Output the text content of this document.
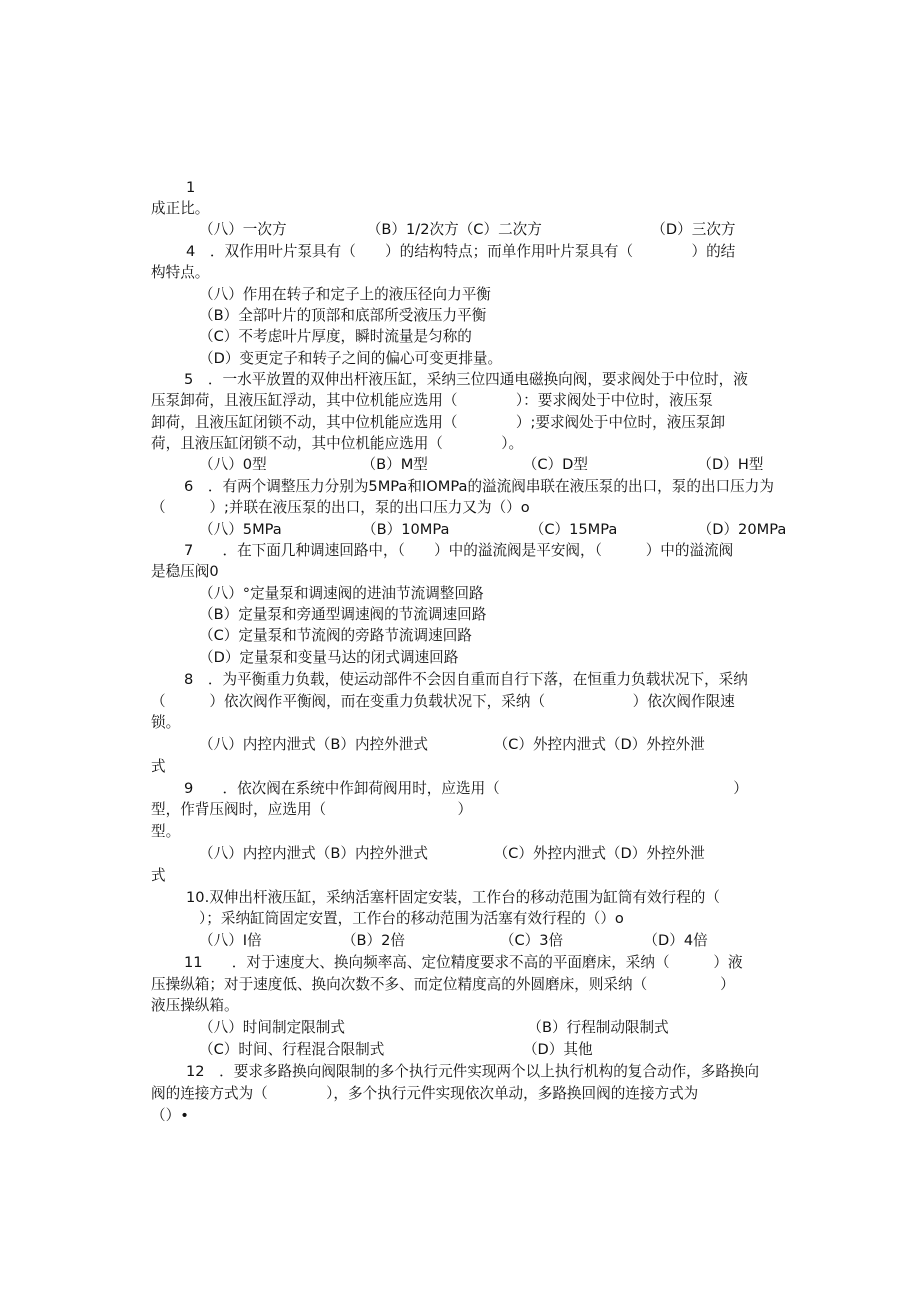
1
成正比。
（八）一次方　　　　　　（B）1/2次方（C）二次方　　　　　　　　（D）三次方
4　．双作用叶片泵具有（　　）的结构特点；而单作用叶片泵具有（　　　　）的结
构特点。
（八）作用在转子和定子上的液压径向力平衡
（B）全部叶片的顶部和底部所受液压力平衡
（C）不考虑叶片厚度，瞬时流量是匀称的
（D）变更定子和转子之间的偏心可变更排量。
5　．一水平放置的双伸出杆液压缸，采纳三位四通电磁换向阀，要求阀处于中位时，液
压泵卸荷，且液压缸浮动，其中位机能应选用（　　　　）：要求阀处于中位时，液压泵
卸荷，且液压缸闭锁不动，其中位机能应选用（　　　　）;要求阀处于中位时，液压泵卸
荷，且液压缸闭锁不动，其中位机能应选用（　　　　）。
（八）0型　　　　　　　（B）M型　　　　　　　（C）D型　　　　　　　　（D）H型
6　．有两个调整压力分别为5MPa和IOMPa的溢流阀串联在液压泵的出口，泵的出口压力为
（　　　）;并联在液压泵的出口，泵的出口压力又为（）o
（八）5MPa　　　　　　（B）10MPa　　　　　　（C）15MPa　　　　　　（D）20MPa
7　　．在下面几种调速回路中，（　　）中的溢流阀是平安阀，（　　　）中的溢流阀
是稳压阀0
（八）°定量泵和调速阀的进油节流调整回路
（B）定量泵和旁通型调速阀的节流调速回路
（C）定量泵和节流阀的旁路节流调速回路
（D）定量泵和变量马达的闭式调速回路
8　．为平衡重力负载，使运动部件不会因自重而自行下落，在恒重力负载状况下，采纳
（　　　）依次阀作平衡阀，而在变重力负载状况下，采纳（　　　　　　）依次阀作限速
锁。
（八）内控内泄式（B）内控外泄式　　　　　（C）外控内泄式（D）外控外泄
式
9　　．依次阀在系统中作卸荷阀用时，应选用（　　　　　　　　　　　　　　　　）
型，作背压阀时，应选用（　　　　　　　　　）
型。
（八）内控内泄式（B）内控外泄式　　　　　（C）外控内泄式（D）外控外泄
式
10.双伸出杆液压缸，采纳活塞杆固定安装，工作台的移动范围为缸筒有效行程的（
）；采纳缸筒固定安置，工作台的移动范围为活塞有效行程的（）o
（八）I倍　　　　　　（B）2倍　　　　　　　（C）3倍　　　　　　（D）4倍
11　　．对于速度大、换向频率高、定位精度要求不高的平面磨床，采纳（　　　）液
压操纵箱；对于速度低、换向次数不多、而定位精度高的外圆磨床，则采纳（　　　　　）
液压操纵箱。
（八）时间制定限制式　　　　　　　　　　　　　（B）行程制动限制式
（C）时间、行程混合限制式　　　　　　　　　　（D）其他
12　．要求多路换向阀限制的多个执行元件实现两个以上执行机构的复合动作，多路换向
阀的连接方式为（　　　　），多个执行元件实现依次单动，多路换回阀的连接方式为
（）•
